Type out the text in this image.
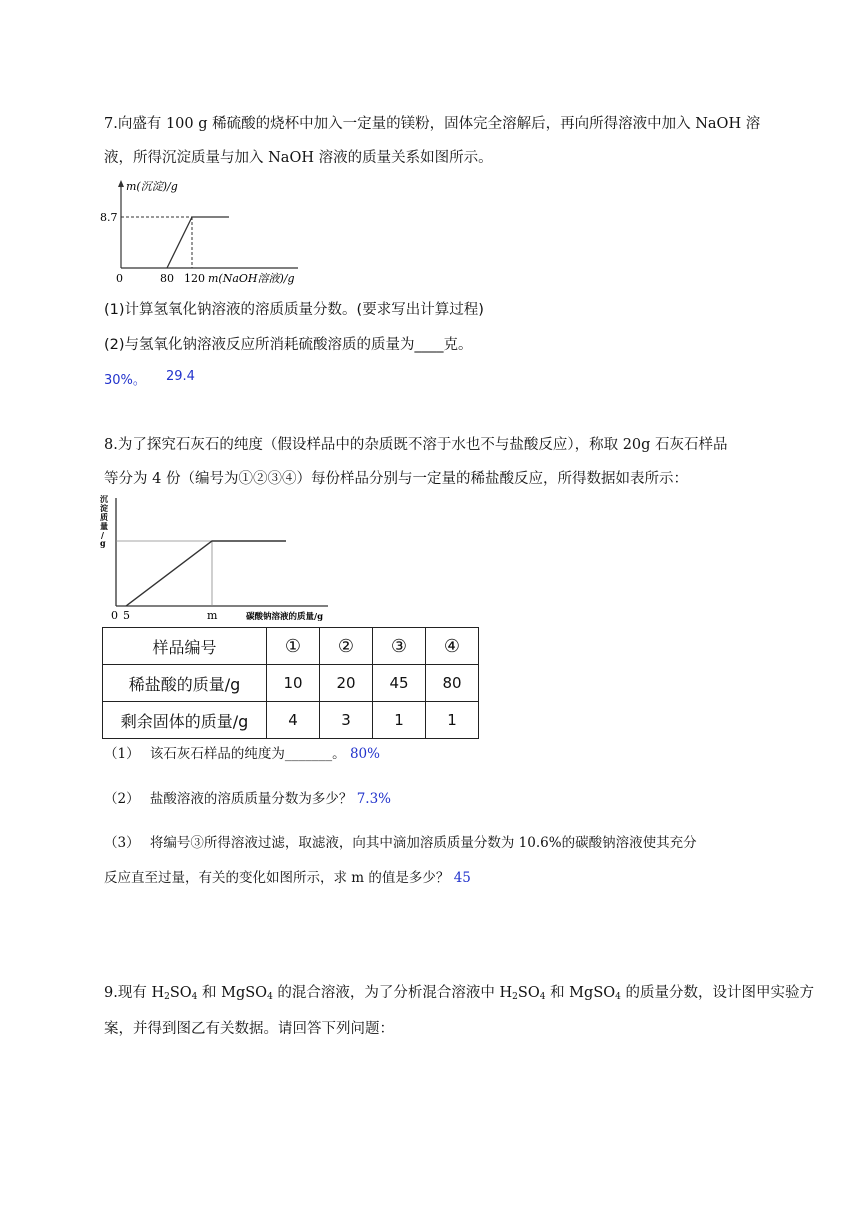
7.向盛有 100 g 稀硫酸的烧杯中加入一定量的镁粉，固体完全溶解后，再向所得溶液中加入 NaOH 溶
液，所得沉淀质量与加入 NaOH 溶液的质量关系如图所示。
m(沉淀)/g
8.7
0	80 120 m(NaOH溶液)/g
(1)计算氢氧化钠溶液的溶质质量分数。(要求写出计算过程)
(2)与氢氧化钠溶液反应所消耗硫酸溶质的质量为____克。
30%。 29.4
8.为了探究石灰石的纯度（假设样品中的杂质既不溶于水也不与盐酸反应），称取 20g 石灰石样品
等分为 4 份（编号为①②③④）每份样品分别与一定量的稀盐酸反应，所得数据如表所示：
沉 淀 质 量 / g
0 5	m	碳酸钠溶液的质量/g
样品编号	①	②	③	④
稀盐酸的质量/g	10	20	45	80
剩余固体的质量/g	4	3	1	1
（1） 该石灰石样品的纯度为_______。 80%
（2） 盐酸溶液的溶质质量分数为多少？ 7.3%
（3） 将编号③所得溶液过滤，取滤液，向其中滴加溶质质量分数为 10.6%的碳酸钠溶液使其充分
反应直至过量，有关的变化如图所示，求 m 的值是多少？ 45
9.现有 $H_2SO_4$ 和 MgSO$_4$ 的混合溶液，为了分析混合溶液中 $H_2SO_4$ 和 MgSO$_4$ 的质量分数，设计图甲实验方
案，并得到图乙有关数据。请回答下列问题：
